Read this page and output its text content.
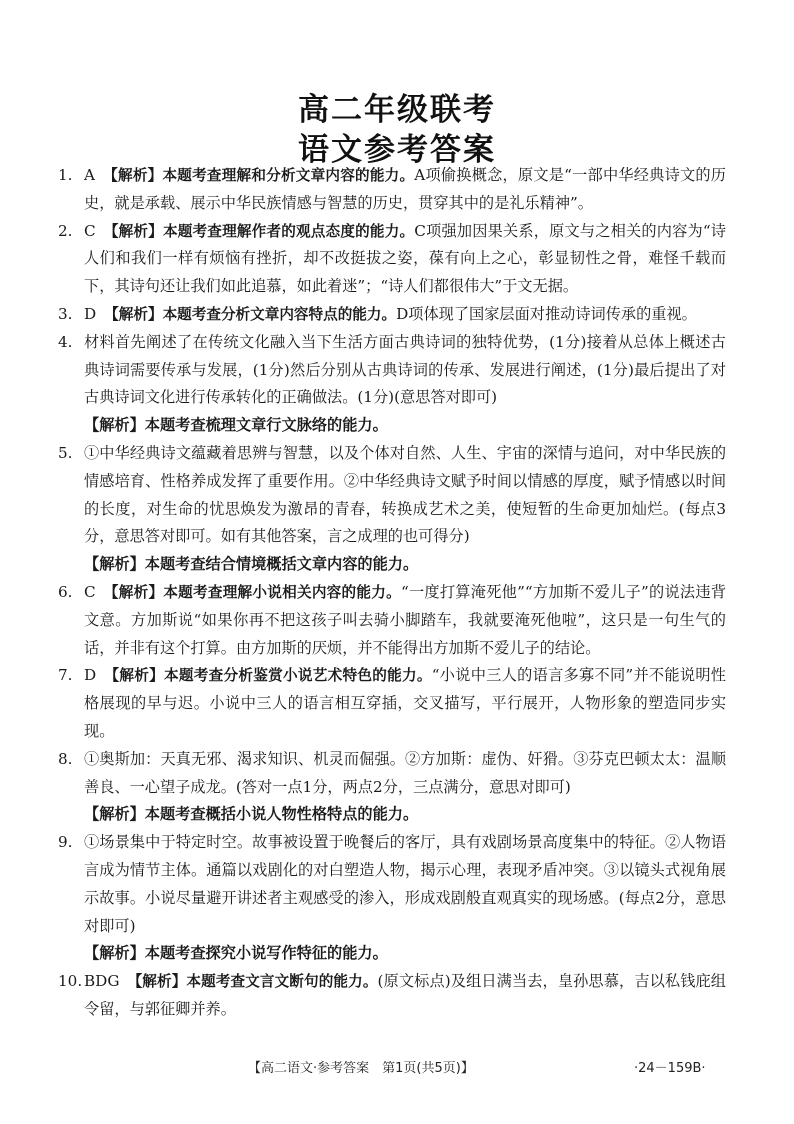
高二年级联考
语文参考答案
1. A 【解析】本题考查理解和分析文章内容的能力。A项偷换概念，原文是“一部中华经典诗文的历史，就是承载、展示中华民族情感与智慧的历史，贯穿其中的是礼乐精神”。
2. C 【解析】本题考查理解作者的观点态度的能力。C项强加因果关系，原文与之相关的内容为“诗人们和我们一样有烦恼有挫折，却不改挺拔之姿，葆有向上之心，彰显韧性之骨，难怪千载而下，其诗句还让我们如此追慕，如此着迷”；“诗人们都很伟大”于文无据。
3. D 【解析】本题考查分析文章内容特点的能力。D项体现了国家层面对推动诗词传承的重视。
4. 材料首先阐述了在传统文化融入当下生活方面古典诗词的独特优势，(1分)接着从总体上概述古典诗词需要传承与发展，(1分)然后分别从古典诗词的传承、发展进行阐述，(1分)最后提出了对古典诗词文化进行传承转化的正确做法。(1分)(意思答对即可)
【解析】本题考查梳理文章行文脉络的能力。
5. ①中华经典诗文蕴藏着思辨与智慧，以及个体对自然、人生、宇宙的深情与追问，对中华民族的情感培育、性格养成发挥了重要作用。②中华经典诗文赋予时间以情感的厚度，赋予情感以时间的长度，对生命的忧思焕发为激昂的青春，转换成艺术之美，使短暂的生命更加灿烂。(每点3分，意思答对即可。如有其他答案，言之成理的也可得分)
【解析】本题考查结合情境概括文章内容的能力。
6. C 【解析】本题考查理解小说相关内容的能力。“一度打算淹死他”“方加斯不爱儿子”的说法违背文意。方加斯说“如果你再不把这孩子叫去骑小脚踏车，我就要淹死他啦”，这只是一句生气的话，并非有这个打算。由方加斯的厌烦，并不能得出方加斯不爱儿子的结论。
7. D 【解析】本题考查分析鉴赏小说艺术特色的能力。“小说中三人的语言多寡不同”并不能说明性格展现的早与迟。小说中三人的语言相互穿插，交叉描写，平行展开，人物形象的塑造同步实现。
8. ①奥斯加：天真无邪、渴求知识、机灵而倔强。②方加斯：虚伪、奸猾。③芬克巴顿太太：温顺善良、一心望子成龙。(答对一点1分，两点2分，三点满分，意思对即可)
【解析】本题考查概括小说人物性格特点的能力。
9. ①场景集中于特定时空。故事被设置于晚餐后的客厅，具有戏剧场景高度集中的特征。②人物语言成为情节主体。通篇以戏剧化的对白塑造人物，揭示心理，表现矛盾冲突。③以镜头式视角展示故事。小说尽量避开讲述者主观感受的渗入，形成戏剧般直观真实的现场感。(每点2分，意思对即可)
【解析】本题考查探究小说写作特征的能力。
10. BDG 【解析】本题考查文言文断句的能力。(原文标点)及组日满当去，皇孙思慕，吉以私钱庇组令留，与郭征卿并养。
【高二语文·参考答案　第1页(共5页)】	·24－159B·
